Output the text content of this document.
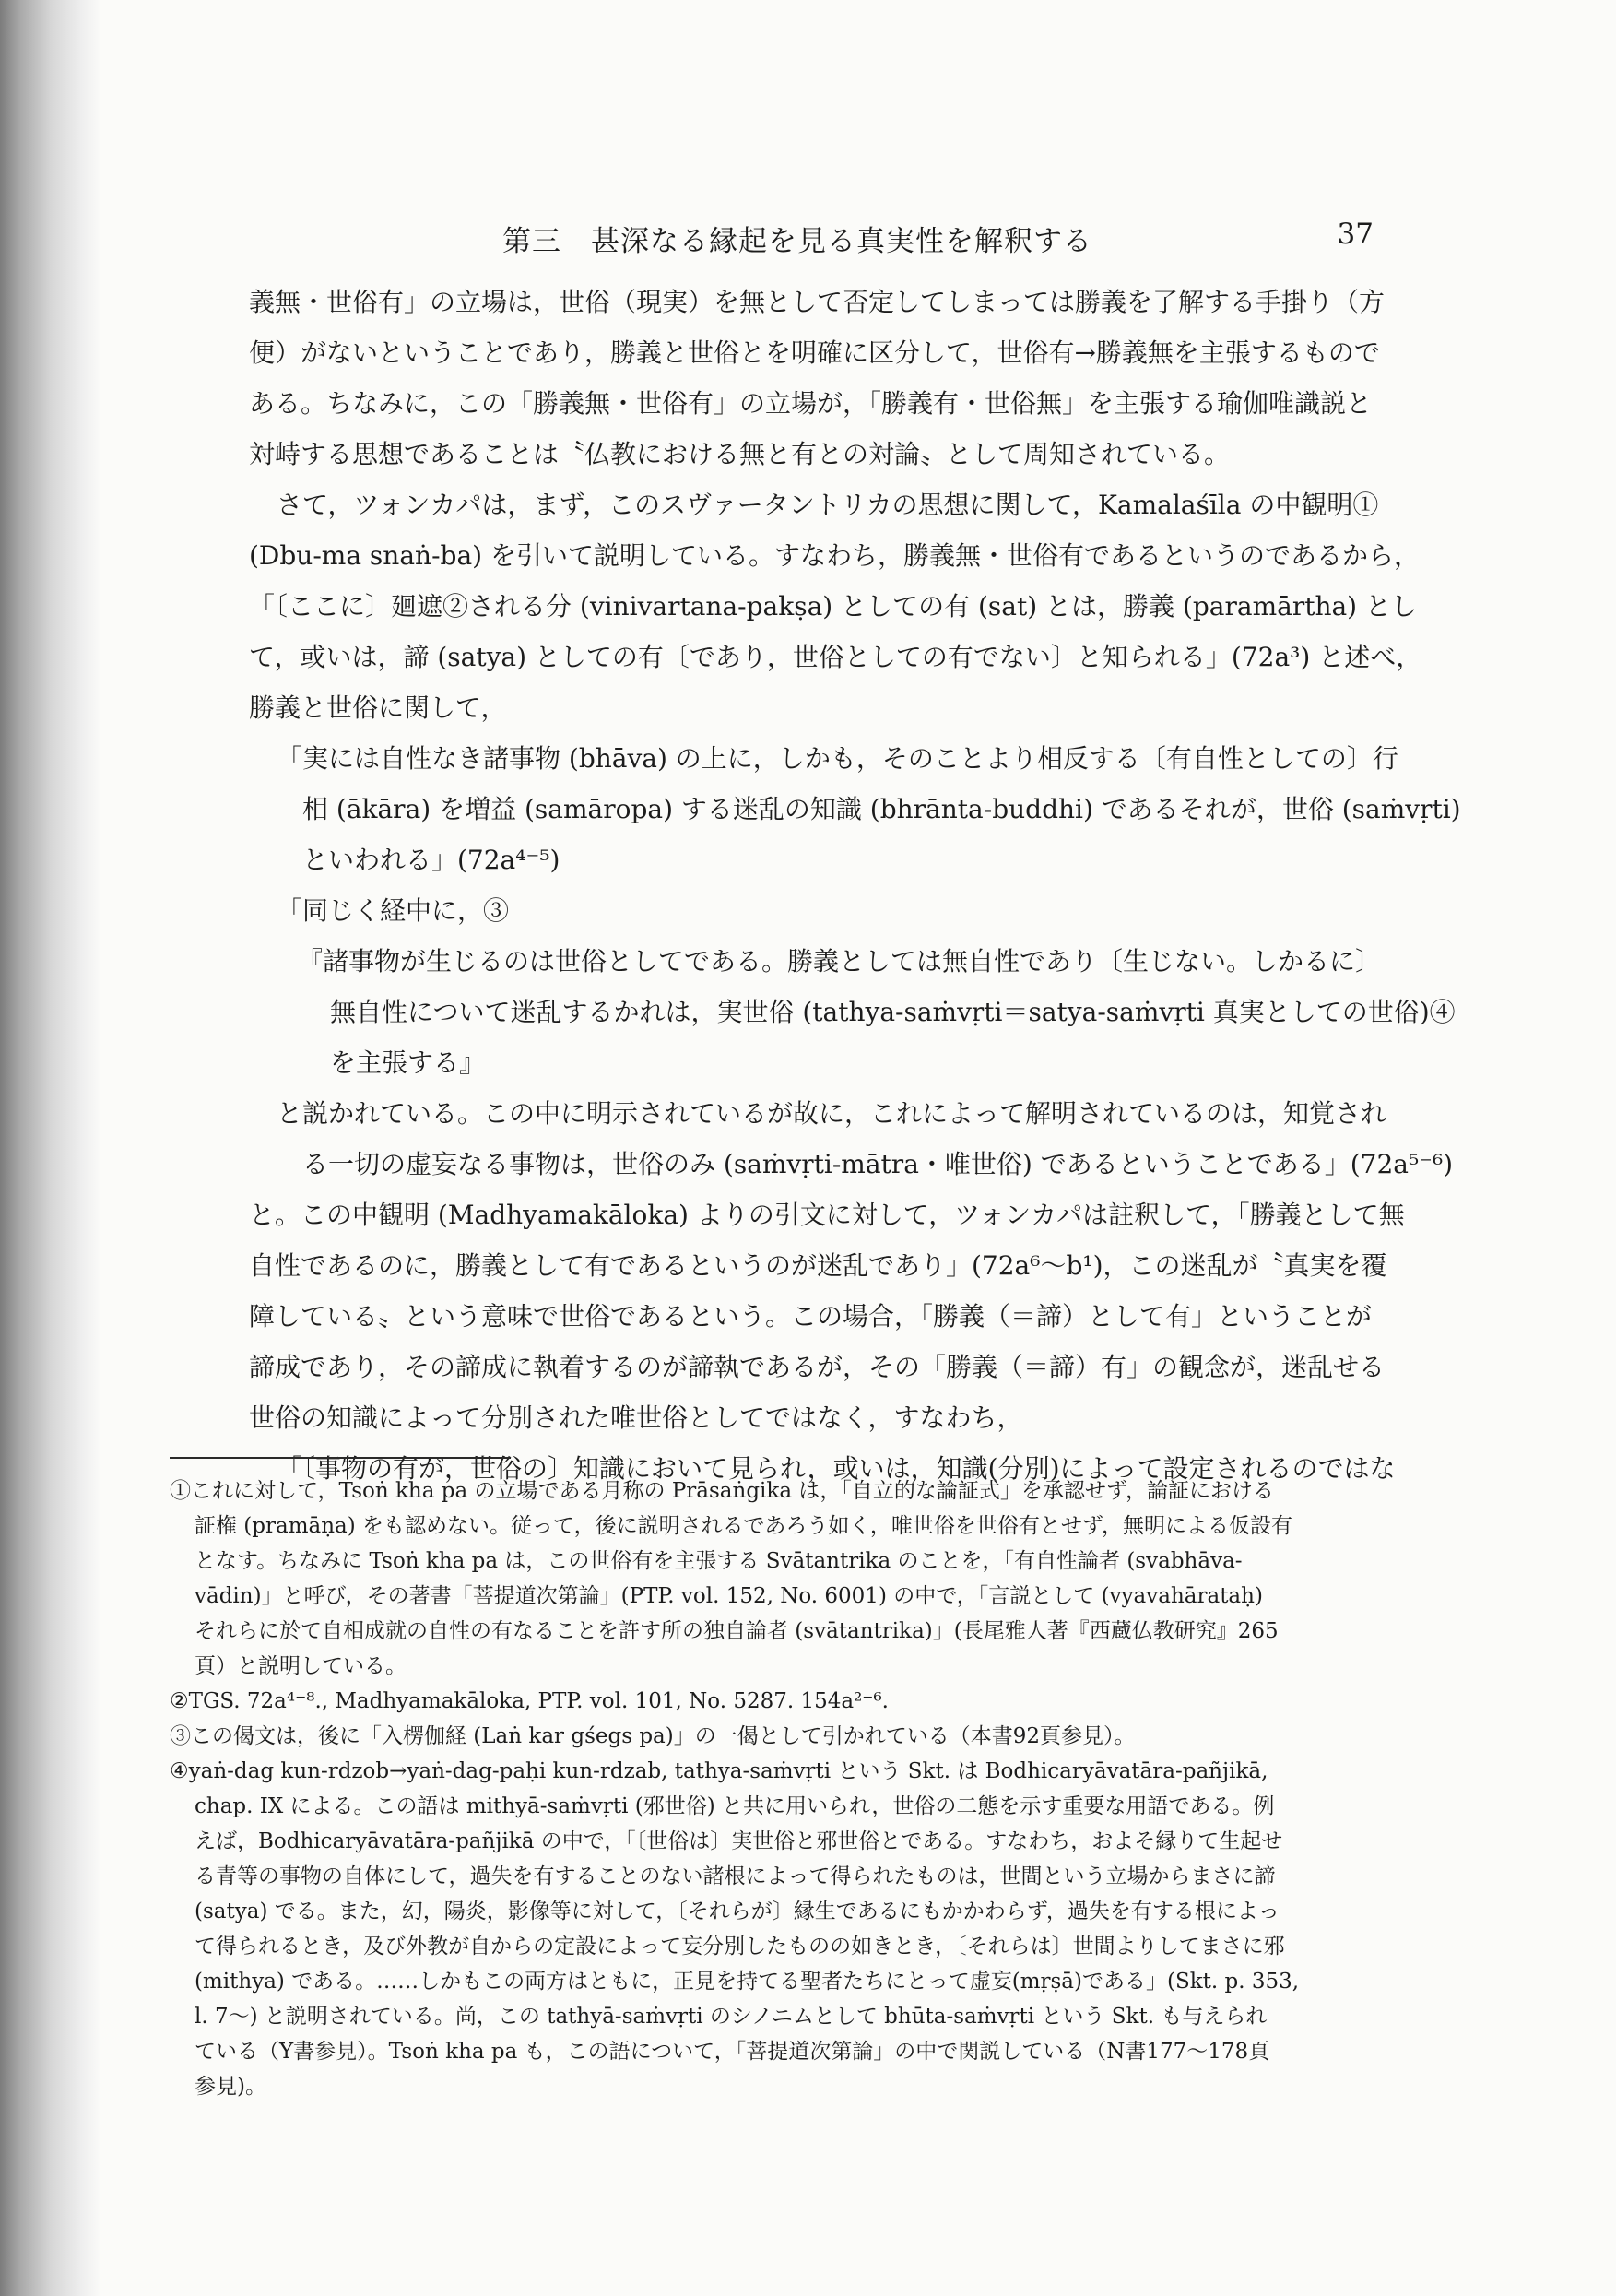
第三　甚深なる縁起を見る真実性を解釈する	37

義無・世俗有」の立場は，世俗（現実）を無として否定してしまっては勝義を了解する手掛り（方

便）がないということであり，勝義と世俗とを明確に区分して，世俗有→勝義無を主張するもので

ある。ちなみに，この「勝義無・世俗有」の立場が，「勝義有・世俗無」を主張する瑜伽唯識説と

対峙する思想であることは〝仏教における無と有との対論〟として周知されている。

さて，ツォンカパは，まず，このスヴァータントリカの思想に関して，Kamalaśīla の中観明①

(Dbu-ma snaṅ-ba) を引いて説明している。すなわち，勝義無・世俗有であるというのであるから，

「〔ここに〕廻遮②される分 (vinivartana-pakṣa) としての有 (sat) とは，勝義 (paramārtha) とし

て，或いは，諦 (satya) としての有〔であり，世俗としての有でない〕と知られる」(72a³) と述べ，

勝義と世俗に関して，

「実には自性なき諸事物 (bhāva) の上に，しかも，そのことより相反する〔有自性としての〕行

相 (ākāra) を増益 (samāropa) する迷乱の知識 (bhrānta-buddhi) であるそれが，世俗 (saṁvṛti)

といわれる」(72a⁴⁻⁵)

「同じく経中に，③

『諸事物が生じるのは世俗としてである。勝義としては無自性であり〔生じない。しかるに〕

無自性について迷乱するかれは，実世俗 (tathya-saṁvṛti＝satya-saṁvṛti 真実としての世俗)④

を主張する』

と説かれている。この中に明示されているが故に，これによって解明されているのは，知覚され

る一切の虚妄なる事物は，世俗のみ (saṁvṛti-mātra・唯世俗) であるということである」(72a⁵⁻⁶)

と。この中観明 (Madhyamakāloka) よりの引文に対して，ツォンカパは註釈して，「勝義として無

自性であるのに，勝義として有であるというのが迷乱であり」(72a⁶〜b¹)，この迷乱が〝真実を覆

障している〟という意味で世俗であるという。この場合，「勝義（＝諦）として有」ということが

諦成であり，その諦成に執着するのが諦執であるが，その「勝義（＝諦）有」の観念が，迷乱せる

世俗の知識によって分別された唯世俗としてではなく，すなわち，

「〔事物の有が，世俗の〕知識において見られ，或いは，知識(分別)によって設定されるのではな

①これに対して，Tsoṅ kha pa の立場である月称の Prāsaṅgika は，「自立的な論証式」を承認せず，論証における

証権 (pramāṇa) をも認めない。従って，後に説明されるであろう如く，唯世俗を世俗有とせず，無明による仮設有

となす。ちなみに Tsoṅ kha pa は，この世俗有を主張する Svātantrika のことを，「有自性論者 (svabhāva-

vādin)」と呼び，その著書「菩提道次第論」(PTP. vol. 152, No. 6001) の中で，「言説として (vyavahārataḥ)

それらに於て自相成就の自性の有なることを許す所の独自論者 (svātantrika)」(長尾雅人著『西蔵仏教研究』265

頁）と説明している。

②TGS. 72a⁴⁻⁸., Madhyamakāloka, PTP. vol. 101, No. 5287. 154a²⁻⁶.

③この偈文は，後に「入楞伽経 (Laṅ kar gśegs pa)」の一偈として引かれている（本書92頁参見）。

④yaṅ-dag kun-rdzob→yaṅ-dag-paḥi kun-rdzab, tathya-saṁvṛti という Skt. は Bodhicaryāvatāra-pañjikā,

chap. IX による。この語は mithyā-saṁvṛti (邪世俗) と共に用いられ，世俗の二態を示す重要な用語である。例

えば，Bodhicaryāvatāra-pañjikā の中で，「〔世俗は〕実世俗と邪世俗とである。すなわち，およそ縁りて生起せ

る青等の事物の自体にして，過失を有することのない諸根によって得られたものは，世間という立場からまさに諦

(satya) でる。また，幻，陽炎，影像等に対して，〔それらが〕縁生であるにもかかわらず，過失を有する根によっ

て得られるとき，及び外教が自からの定設によって妄分別したものの如きとき，〔それらは〕世間よりしてまさに邪

(mithya) である。……しかもこの両方はともに，正見を持てる聖者たちにとって虚妄(mṛṣā)である」(Skt. p. 353,

l. 7〜) と説明されている。尚，この tathyā-saṁvṛti のシノニムとして bhūta-saṁvṛti という Skt. も与えられ

ている（Y書参見）。Tsoṅ kha pa も，この語について，「菩提道次第論」の中で関説している（N書177〜178頁

参見)。
